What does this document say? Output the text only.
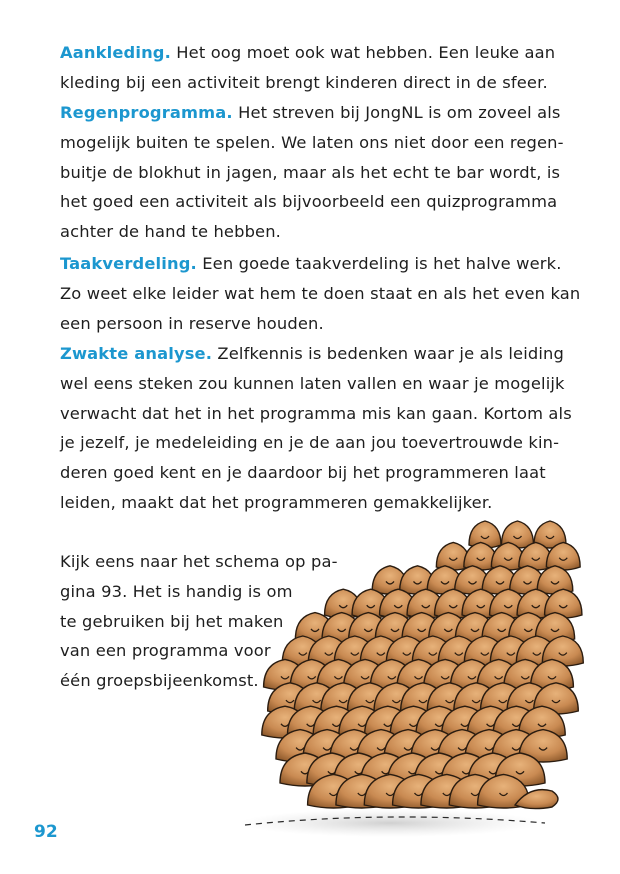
Aankleding. Het oog moet ook wat hebben. Een leuke aan
kleding bij een activiteit brengt kinderen direct in de sfeer.

Regenprogramma. Het streven bij JongNL is om zoveel als
mogelijk buiten te spelen. We laten ons niet door een regen-
buitje de blokhut in jagen, maar als het echt te bar wordt, is
het goed een activiteit als bijvoorbeeld een quizprogramma
achter de hand te hebben.

Taakverdeling. Een goede taakverdeling is het halve werk.
Zo weet elke leider wat hem te doen staat en als het even kan
een persoon in reserve houden.

Zwakte analyse. Zelfkennis is bedenken waar je als leiding
wel eens steken zou kunnen laten vallen en waar je mogelijk
verwacht dat het in het programma mis kan gaan. Kortom als
je jezelf, je medeleiding en je de aan jou toevertrouwde kin-
deren goed kent en je daardoor bij het programmeren laat
leiden, maakt dat het programmeren gemakkelijker.

Kijk eens naar het schema op pa-
gina 93. Het is handig is om
te gebruiken bij het maken
van een programma voor
één groepsbijeenkomst.

92
